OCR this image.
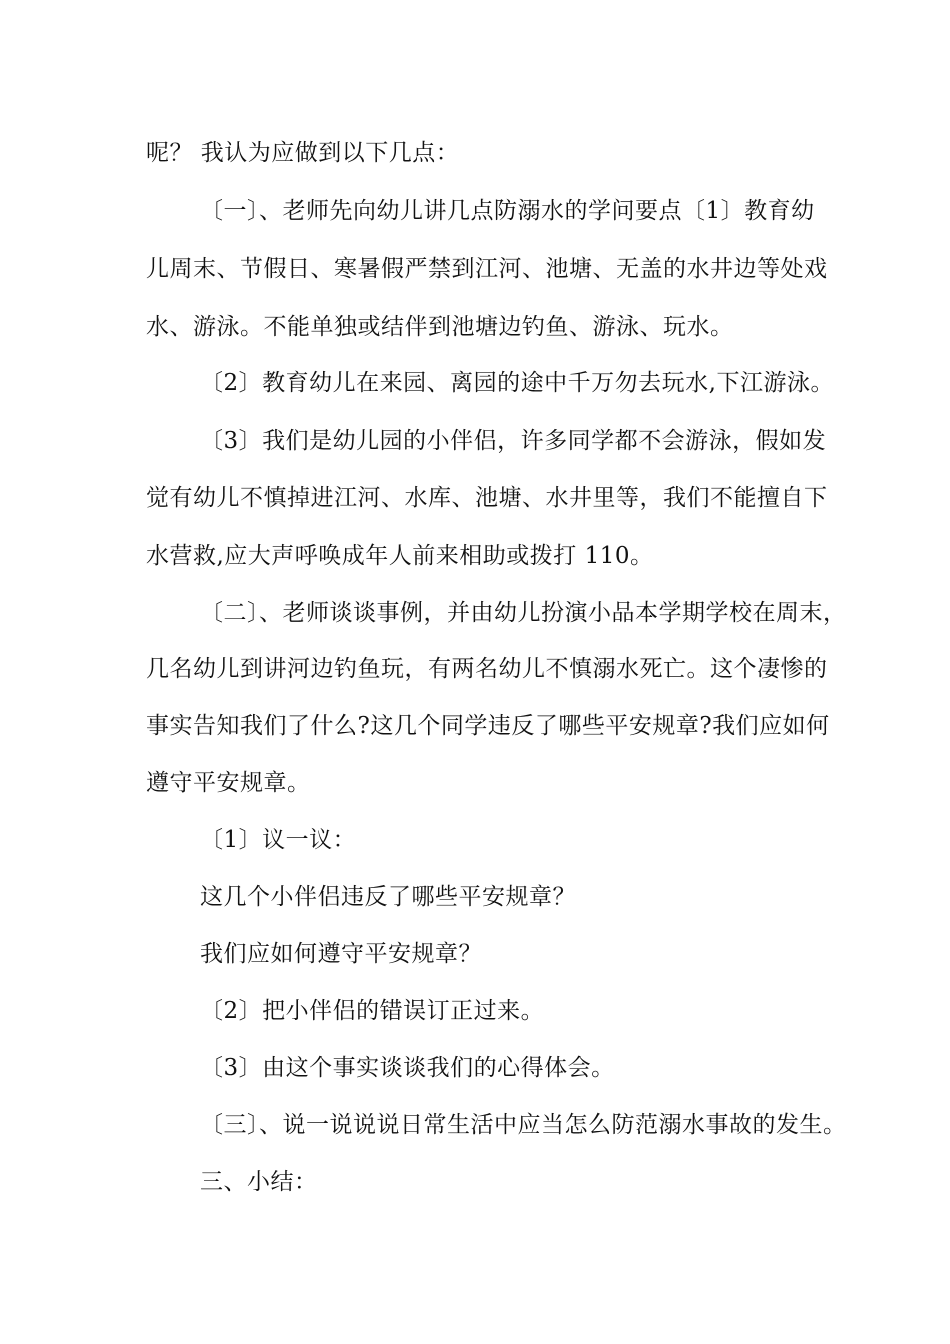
呢？ 我认为应做到以下几点：
〔一〕、老师先向幼儿讲几点防溺水的学问要点〔1〕教育幼
儿周末、节假日、寒暑假严禁到江河、池塘、无盖的水井边等处戏
水、游泳。不能单独或结伴到池塘边钓鱼、游泳、玩水。
〔2〕教育幼儿在来园、离园的途中千万勿去玩水,下江游泳。
〔3〕我们是幼儿园的小伴侣，许多同学都不会游泳，假如发
觉有幼儿不慎掉进江河、水库、池塘、水井里等，我们不能擅自下
水营救,应大声呼唤成年人前来相助或拨打 110。
〔二〕、老师谈谈事例，并由幼儿扮演小品本学期学校在周末，
几名幼儿到讲河边钓鱼玩，有两名幼儿不慎溺水死亡。这个凄惨的
事实告知我们了什么?这几个同学违反了哪些平安规章?我们应如何
遵守平安规章。
〔1〕议一议：
这几个小伴侣违反了哪些平安规章？
我们应如何遵守平安规章？
〔2〕把小伴侣的错误订正过来。
〔3〕由这个事实谈谈我们的心得体会。
〔三〕、说一说说说日常生活中应当怎么防范溺水事故的发生。
三、小结：
